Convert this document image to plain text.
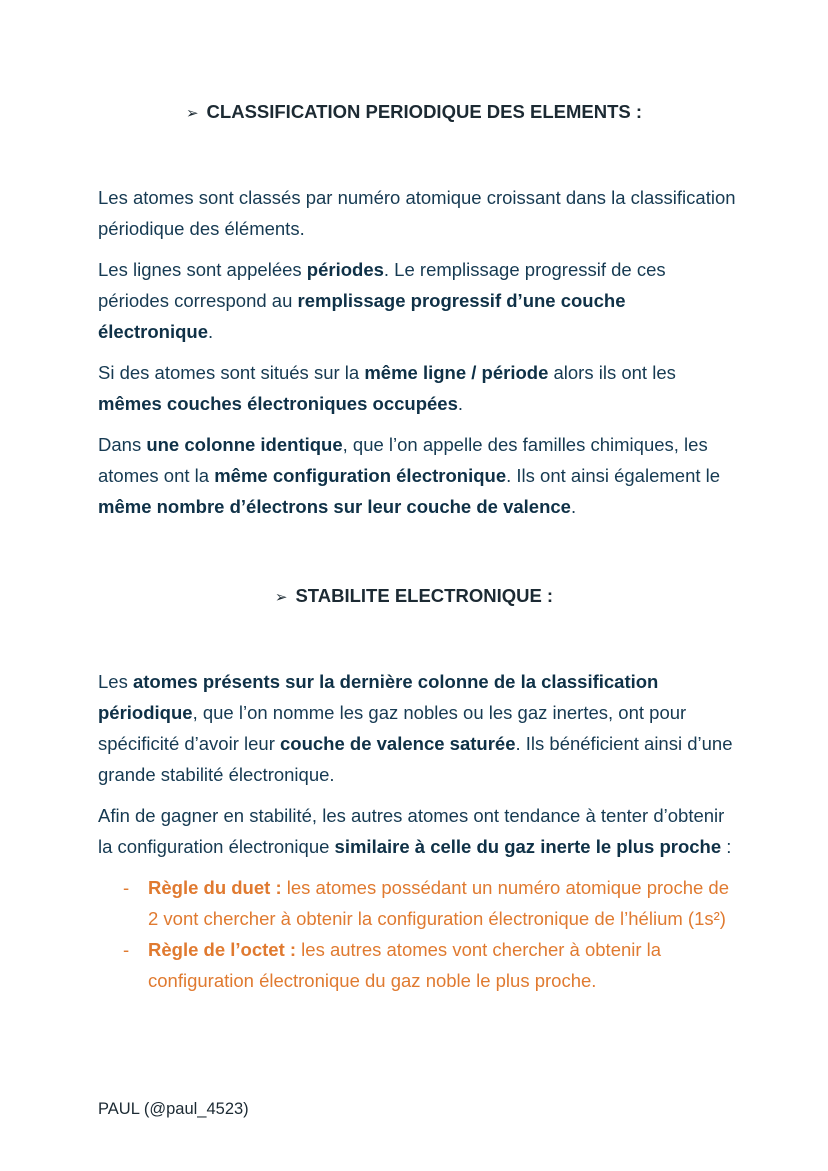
➢ CLASSIFICATION PERIODIQUE DES ELEMENTS :

Les atomes sont classés par numéro atomique croissant dans la classification périodique des éléments.

Les lignes sont appelées périodes. Le remplissage progressif de ces périodes correspond au remplissage progressif d’une couche électronique.

Si des atomes sont situés sur la même ligne / période alors ils ont les mêmes couches électroniques occupées.

Dans une colonne identique, que l’on appelle des familles chimiques, les atomes ont la même configuration électronique. Ils ont ainsi également le même nombre d’électrons sur leur couche de valence.

➢ STABILITE ELECTRONIQUE :

Les atomes présents sur la dernière colonne de la classification périodique, que l’on nomme les gaz nobles ou les gaz inertes, ont pour spécificité d’avoir leur couche de valence saturée. Ils bénéficient ainsi d’une grande stabilité électronique.

Afin de gagner en stabilité, les autres atomes ont tendance à tenter d’obtenir la configuration électronique similaire à celle du gaz inerte le plus proche :

- Règle du duet : les atomes possédant un numéro atomique proche de 2 vont chercher à obtenir la configuration électronique de l’hélium (1s²)
- Règle de l’octet : les autres atomes vont chercher à obtenir la configuration électronique du gaz noble le plus proche.
PAUL (@paul_4523)
